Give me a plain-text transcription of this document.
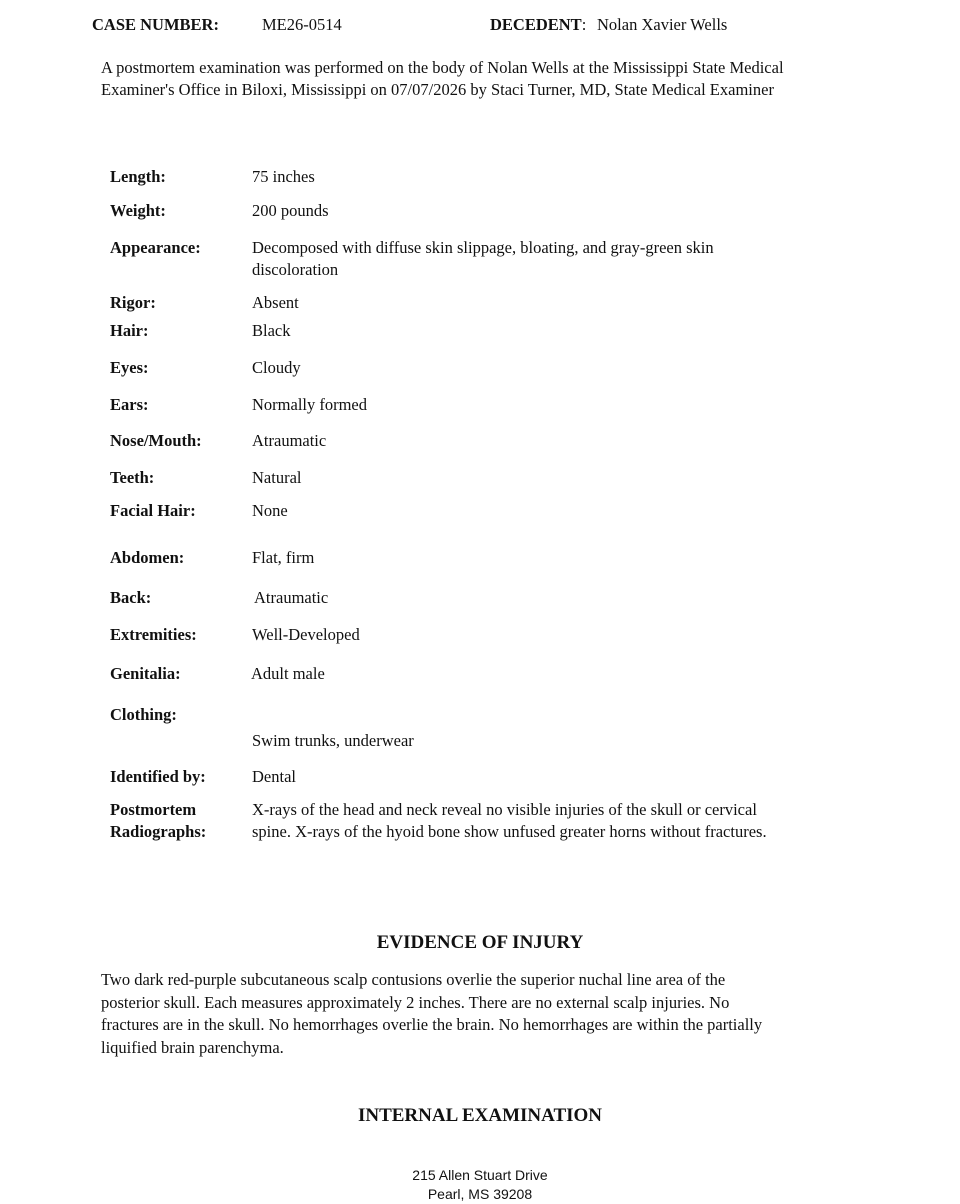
CASE NUMBER:	ME26-0514	DECEDENT: Nolan Xavier Wells
A postmortem examination was performed on the body of Nolan Wells at the Mississippi State Medical
Examiner's Office in Biloxi, Mississippi on 07/07/2026 by Staci Turner, MD, State Medical Examiner
Length:	75 inches
Weight:	200 pounds
Appearance:	Decomposed with diffuse skin slippage, bloating, and gray-green skin
discoloration
Rigor:	Absent
Hair:	Black
Eyes:	Cloudy
Ears:	Normally formed
Nose/Mouth:	Atraumatic
Teeth:	Natural
Facial Hair:	None
Abdomen:	Flat, firm
Back:	Atraumatic
Extremities:	Well-Developed
Genitalia:	Adult male
Clothing:
Swim trunks, underwear
Identified by:	Dental
Postmortem
Radiographs:
X-rays of the head and neck reveal no visible injuries of the skull or cervical
spine. X-rays of the hyoid bone show unfused greater horns without fractures.
EVIDENCE OF INJURY
Two dark red-purple subcutaneous scalp contusions overlie the superior nuchal line area of the
posterior skull. Each measures approximately 2 inches. There are no external scalp injuries. No
fractures are in the skull. No hemorrhages overlie the brain. No hemorrhages are within the partially
liquified brain parenchyma.
INTERNAL EXAMINATION
215 Allen Stuart Drive
Pearl, MS 39208
